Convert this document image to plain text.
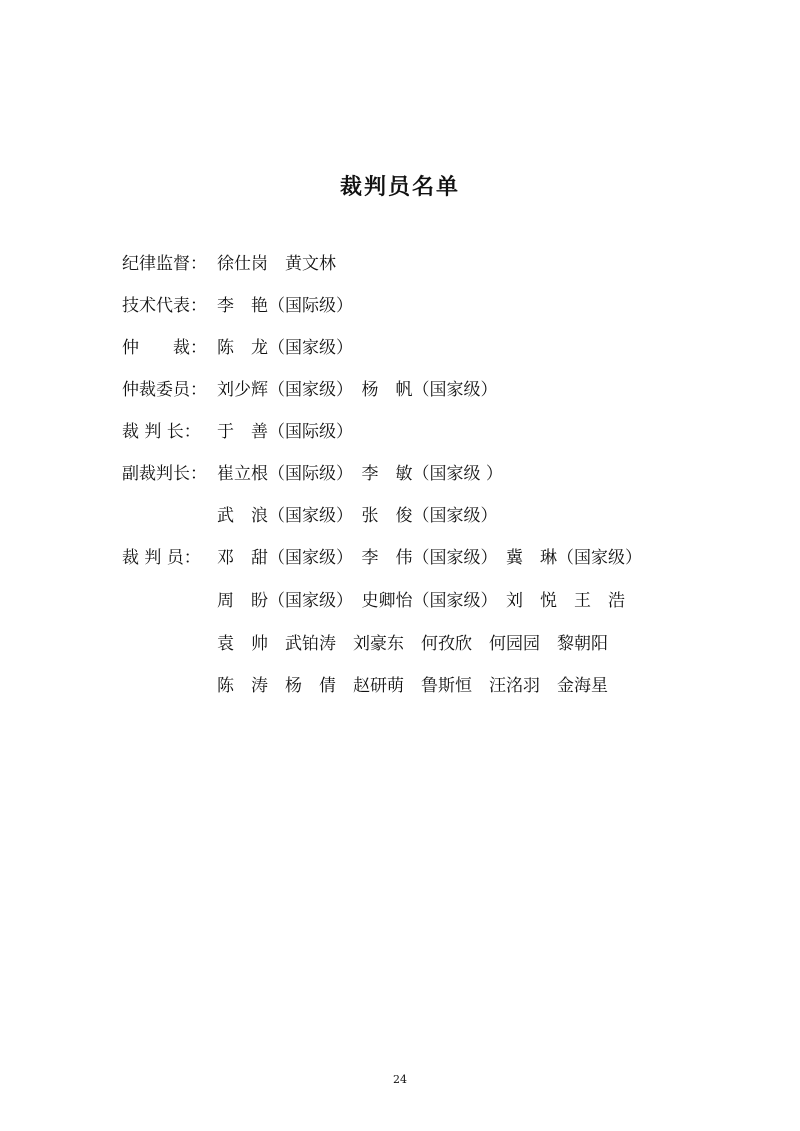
裁判员名单
纪律监督： 徐仕岗　黄文林
技术代表： 李　艳（国际级）
仲　　裁： 陈　龙（国家级）
仲裁委员： 刘少辉（国家级）　杨　帆（国家级）
裁 判 长： 于　善（国际级）
副裁判长： 崔立根（国际级）　李　敏（国家级 ）
武　浪（国家级）　张　俊（国家级）
裁 判 员： 邓　甜（国家级）　李　伟（国家级）　冀　琳（国家级）
周　盼（国家级）　史卿怡（国家级）　刘　悦　王　浩
袁　帅　武铂涛　刘豪东　何孜欣　何园园　黎朝阳
陈　涛　杨　倩　赵研萌　鲁斯恒　汪洺羽　金海星
24
